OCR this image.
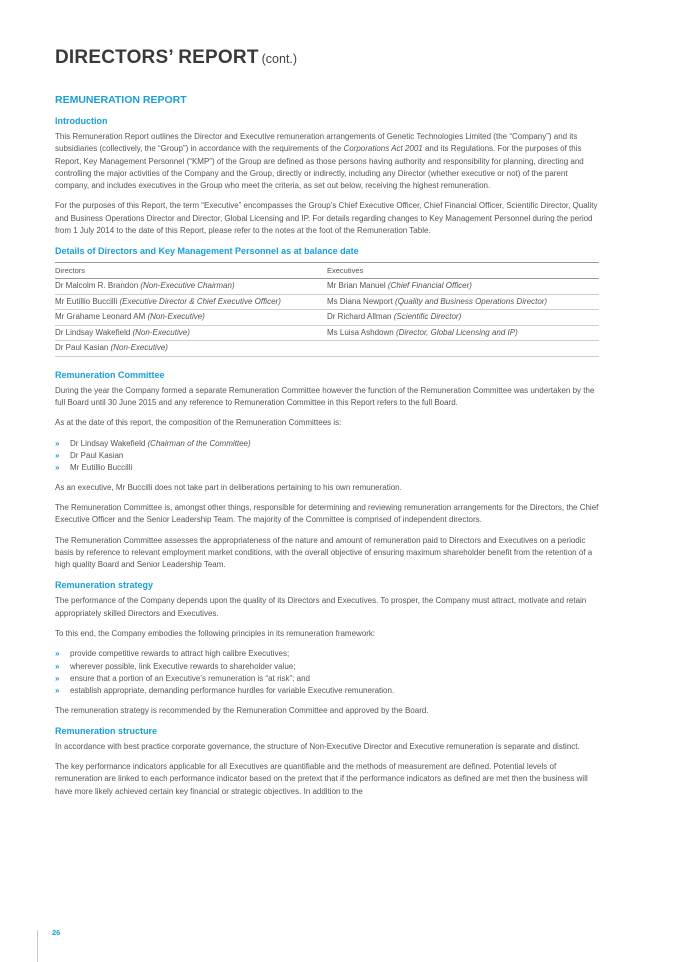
DIRECTORS’ REPORT (cont.)
REMUNERATION REPORT
Introduction

This Remuneration Report outlines the Director and Executive remuneration arrangements of Genetic Technologies Limited (the “Company”) and its subsidiaries (collectively, the “Group”) in accordance with the requirements of the Corporations Act 2001 and its Regulations. For the purposes of this Report, Key Management Personnel (“KMP”) of the Group are defined as those persons having authority and responsibility for planning, directing and controlling the major activities of the Company and the Group, directly or indirectly, including any Director (whether executive or not) of the parent company, and includes executives in the Group who meet the criteria, as set out below, receiving the highest remuneration.

For the purposes of this Report, the term “Executive” encompasses the Group’s Chief Executive Officer, Chief Financial Officer, Scientific Director, Quality and Business Operations Director and Director, Global Licensing and IP. For details regarding changes to Key Management Personnel during the period from 1 July 2014 to the date of this Report, please refer to the notes at the foot of the Remuneration Table.

Details of Directors and Key Management Personnel as at balance date
Directors	Executives
Dr Malcolm R. Brandon (Non-Executive Chairman)	Mr Brian Manuel (Chief Financial Officer)
Mr Eutillio Buccilli (Executive Director & Chief Executive Officer)	Ms Diana Newport (Quality and Business Operations Director)
Mr Grahame Leonard AM (Non-Executive)	Dr Richard Allman (Scientific Director)
Dr Lindsay Wakefield (Non-Executive)	Ms Luisa Ashdown (Director, Global Licensing and IP)
Dr Paul Kasian (Non-Executive)	
Remuneration Committee

During the year the Company formed a separate Remuneration Committee however the function of the Remuneration Committee was undertaken by the full Board until 30 June 2015 and any reference to Remuneration Committee in this Report refers to the full Board.

As at the date of this report, the composition of the Remuneration Committees is:

» Dr Lindsay Wakefield (Chairman of the Committee)
» Dr Paul Kasian
» Mr Eutillio Buccilli

As an executive, Mr Buccilli does not take part in deliberations pertaining to his own remuneration.

The Remuneration Committee is, amongst other things, responsible for determining and reviewing remuneration arrangements for the Directors, the Chief Executive Officer and the Senior Leadership Team. The majority of the Committee is comprised of independent directors.

The Remuneration Committee assesses the appropriateness of the nature and amount of remuneration paid to Directors and Executives on a periodic basis by reference to relevant employment market conditions, with the overall objective of ensuring maximum shareholder benefit from the retention of a high quality Board and Senior Leadership Team.

Remuneration strategy

The performance of the Company depends upon the quality of its Directors and Executives. To prosper, the Company must attract, motivate and retain appropriately skilled Directors and Executives.

To this end, the Company embodies the following principles in its remuneration framework:

» provide competitive rewards to attract high calibre Executives;
» wherever possible, link Executive rewards to shareholder value;
» ensure that a portion of an Executive’s remuneration is “at risk”; and
» establish appropriate, demanding performance hurdles for variable Executive remuneration.

The remuneration strategy is recommended by the Remuneration Committee and approved by the Board.

Remuneration structure

In accordance with best practice corporate governance, the structure of Non-Executive Director and Executive remuneration is separate and distinct.

The key performance indicators applicable for all Executives are quantifiable and the methods of measurement are defined. Potential levels of remuneration are linked to each performance indicator based on the pretext that if the performance indicators as defined are met then the business will have more likely achieved certain key financial or strategic objectives. In addition to the

26
